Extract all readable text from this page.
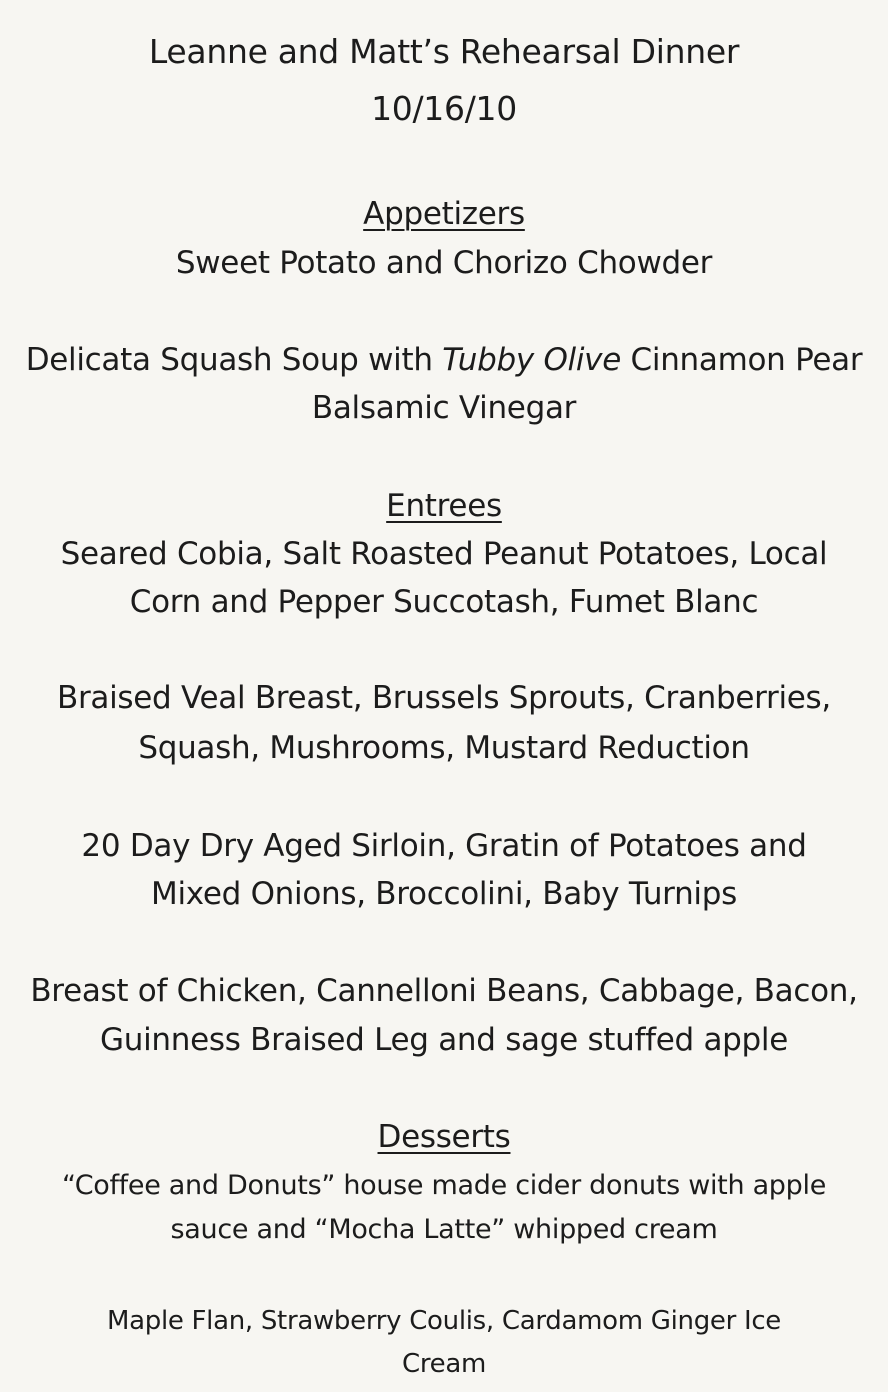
Leanne and Matt’s Rehearsal Dinner
10/16/10
Appetizers
Sweet Potato and Chorizo Chowder
Delicata Squash Soup with Tubby Olive Cinnamon Pear
Balsamic Vinegar
Entrees
Seared Cobia, Salt Roasted Peanut Potatoes, Local
Corn and Pepper Succotash, Fumet Blanc
Braised Veal Breast, Brussels Sprouts, Cranberries,
Squash, Mushrooms, Mustard Reduction
20 Day Dry Aged Sirloin, Gratin of Potatoes and
Mixed Onions, Broccolini, Baby Turnips
Breast of Chicken, Cannelloni Beans, Cabbage, Bacon,
Guinness Braised Leg and sage stuffed apple
Desserts
“Coffee and Donuts” house made cider donuts with apple
sauce and “Mocha Latte” whipped cream
Maple Flan, Strawberry Coulis, Cardamom Ginger Ice
Cream
